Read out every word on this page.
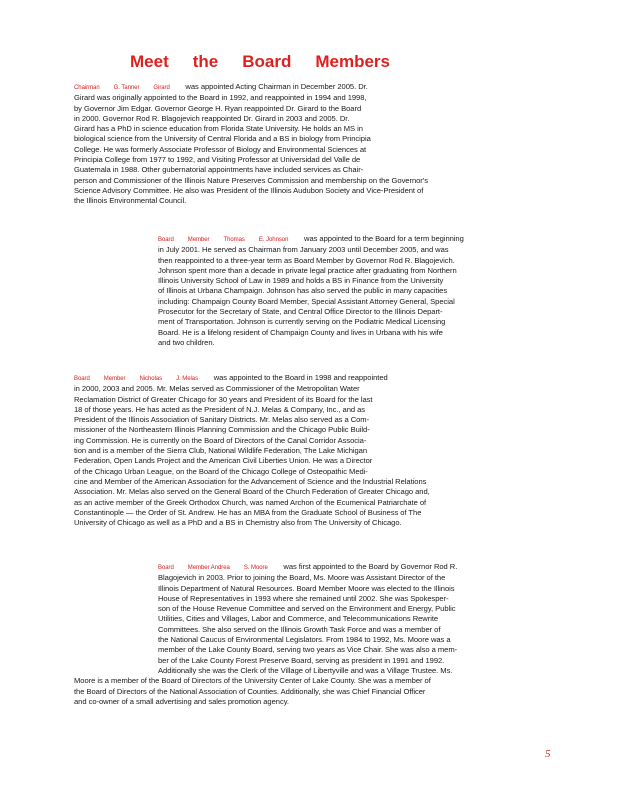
Meet the Board Members
Chairman G. Tanner Girard was appointed Acting Chairman in December 2005. Dr.
Girard was originally appointed to the Board in 1992, and reappointed in 1994 and 1998,
by Governor Jim Edgar. Governor George H. Ryan reappointed Dr. Girard to the Board
in 2000. Governor Rod R. Blagojevich reappointed Dr. Girard in 2003 and 2005. Dr.
Girard has a PhD in science education from Florida State University. He holds an MS in
biological science from the University of Central Florida and a BS in biology from Principia
College. He was formerly Associate Professor of Biology and Environmental Sciences at
Principia College from 1977 to 1992, and Visiting Professor at Universidad del Valle de
Guatemala in 1988. Other gubernatorial appointments have included services as Chair-
person and Commissioner of the Illinois Nature Preserves Commission and membership on the Governor's
Science Advisory Committee. He also was President of the Illinois Audubon Society and Vice-President of
the Illinois Environmental Council.
Board Member Thomas E. Johnson was appointed to the Board for a term beginning
in July 2001. He served as Chairman from January 2003 until December 2005, and was
then reappointed to a three-year term as Board Member by Governor Rod R. Blagojevich.
Johnson spent more than a decade in private legal practice after graduating from Northern
Illinois University School of Law in 1989 and holds a BS in Finance from the University
of Illinois at Urbana Champaign. Johnson has also served the public in many capacities
including: Champaign County Board Member, Special Assistant Attorney General, Special
Prosecutor for the Secretary of State, and Central Office Director to the Illinois Depart-
ment of Transportation. Johnson is currently serving on the Podiatric Medical Licensing
Board. He is a lifelong resident of Champaign County and lives in Urbana with his wife
and two children.
Board Member Nicholas J. Melas was appointed to the Board in 1998 and reappointed
in 2000, 2003 and 2005. Mr. Melas served as Commissioner of the Metropolitan Water
Reclamation District of Greater Chicago for 30 years and President of its Board for the last
18 of those years. He has acted as the President of N.J. Melas & Company, Inc., and as
President of the Illinois Association of Sanitary Districts. Mr. Melas also served as a Com-
missioner of the Northeastern Illinois Planning Commission and the Chicago Public Build-
ing Commission. He is currently on the Board of Directors of the Canal Corridor Associa-
tion and is a member of the Sierra Club, National Wildlife Federation, The Lake Michigan
Federation, Open Lands Project and the American Civil Liberties Union. He was a Director
of the Chicago Urban League, on the Board of the Chicago College of Osteopathic Medi-
cine and Member of the American Association for the Advancement of Science and the Industrial Relations
Association. Mr. Melas also served on the General Board of the Church Federation of Greater Chicago and,
as an active member of the Greek Orthodox Church, was named Archon of the Ecumenical Patriarchate of
Constantinople — the Order of St. Andrew. He has an MBA from the Graduate School of Business of The
University of Chicago as well as a PhD and a BS in Chemistry also from The University of Chicago.
Board Member Andrea S. Moore was first appointed to the Board by Governor Rod R.
Blagojevich in 2003. Prior to joining the Board, Ms. Moore was Assistant Director of the
Illinois Department of Natural Resources. Board Member Moore was elected to the Illinois
House of Representatives in 1993 where she remained until 2002. She was Spokesper-
son of the House Revenue Committee and served on the Environment and Energy, Public
Utilities, Cities and Villages, Labor and Commerce, and Telecommunications Rewrite
Committees. She also served on the Illinois Growth Task Force and was a member of
the National Caucus of Environmental Legislators. From 1984 to 1992, Ms. Moore was a
member of the Lake County Board, serving two years as Vice Chair. She was also a mem-
ber of the Lake County Forest Preserve Board, serving as president in 1991 and 1992.
Additionally she was the Clerk of the Village of Libertyville and was a Village Trustee. Ms.
Moore is a member of the Board of Directors of the University Center of Lake County. She was a member of
the Board of Directors of the National Association of Counties. Additionally, she was Chief Financial Officer
and co-owner of a small advertising and sales promotion agency.
5
